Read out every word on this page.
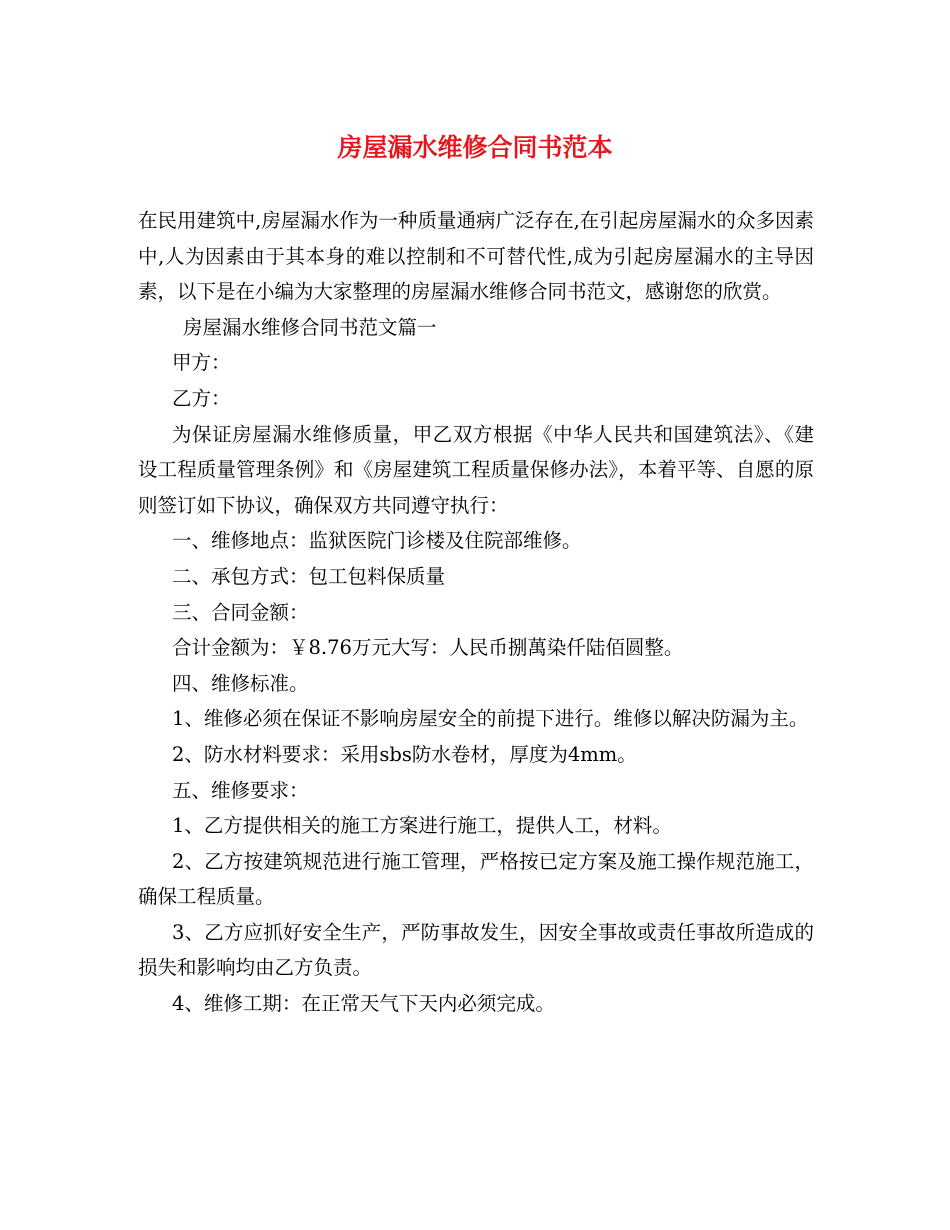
房屋漏水维修合同书范本

在民用建筑中,房屋漏水作为一种质量通病广泛存在,在引起房屋漏水的众多因素中,人为因素由于其本身的难以控制和不可替代性,成为引起房屋漏水的主导因素，以下是在小编为大家整理的房屋漏水维修合同书范文，感谢您的欣赏。

房屋漏水维修合同书范文篇一

甲方：

乙方：

为保证房屋漏水维修质量，甲乙双方根据《中华人民共和国建筑法》、《建设工程质量管理条例》和《房屋建筑工程质量保修办法》，本着平等、自愿的原则签订如下协议，确保双方共同遵守执行：

一、维修地点：监狱医院门诊楼及住院部维修。

二、承包方式：包工包料保质量

三、合同金额：

合计金额为：￥8.76万元大写：人民币捌萬染仟陆佰圆整。

四、维修标准。

1、维修必须在保证不影响房屋安全的前提下进行。维修以解决防漏为主。

2、防水材料要求：采用sbs防水卷材，厚度为4mm。

五、维修要求：

1、乙方提供相关的施工方案进行施工，提供人工，材料。

2、乙方按建筑规范进行施工管理，严格按已定方案及施工操作规范施工，确保工程质量。

3、乙方应抓好安全生产，严防事故发生，因安全事故或责任事故所造成的损失和影响均由乙方负责。

4、维修工期：在正常天气下天内必须完成。
